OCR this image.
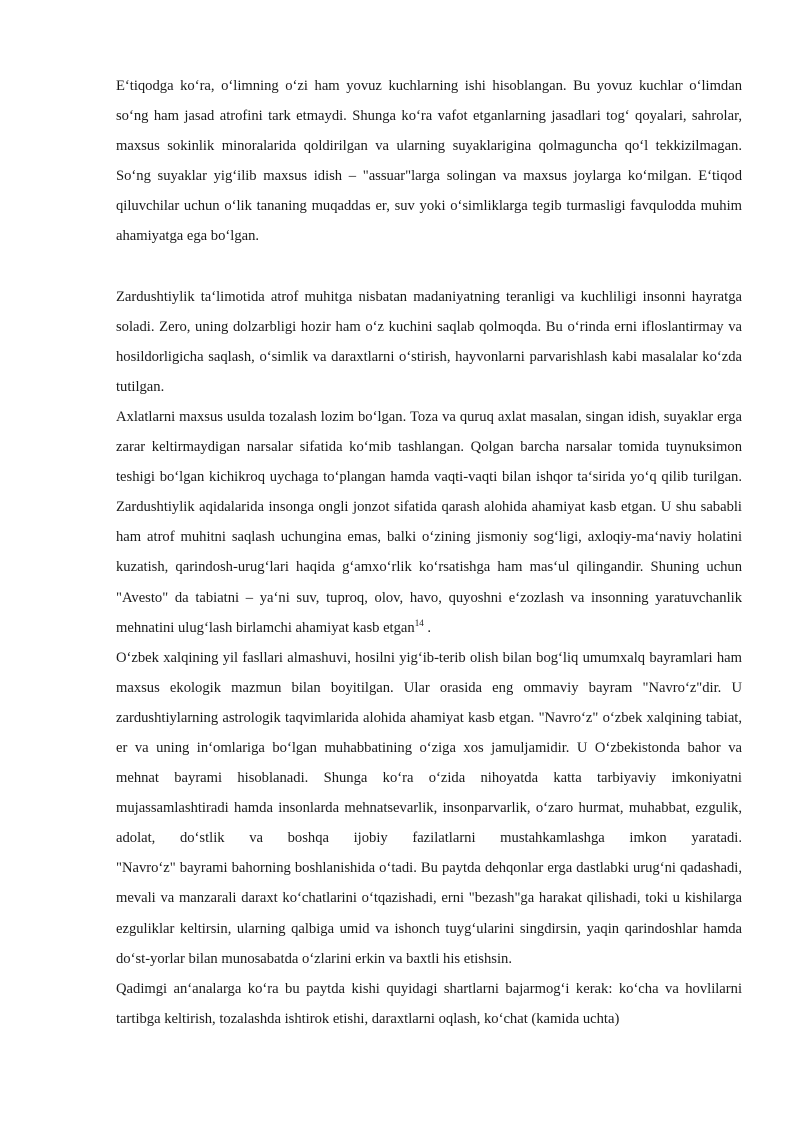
E‘tiqodga ko‘ra, o‘limning o‘zi ham yovuz kuchlarning ishi hisoblangan. Bu yovuz kuchlar o‘limdan so‘ng ham jasad atrofini tark etmaydi. Shunga ko‘ra vafot etganlarning jasadlari tog‘ qoyalari, sahrolar, maxsus sokinlik minoralarida qoldirilgan va ularning suyaklarigina qolmaguncha qo‘l tekkizilmagan. So‘ng suyaklar yig‘ilib maxsus idish – "assuar"larga solingan va maxsus joylarga ko‘milgan. E‘tiqod qiluvchilar uchun o‘lik tananing muqaddas er, suv yoki o‘simliklarga tegib turmasligi favqulodda muhim ahamiyatga ega bo‘lgan.

Zardushtiylik ta‘limotida atrof muhitga nisbatan madaniyatning teranligi va kuchliligi insonni hayratga soladi. Zero, uning dolzarbligi hozir ham o‘z kuchini saqlab qolmoqda. Bu o‘rinda erni ifloslantirmay va hosildorligicha saqlash, o‘simlik va daraxtlarni o‘stirish, hayvonlarni parvarishlash kabi masalalar ko‘zda tutilgan.

Axlatlarni maxsus usulda tozalash lozim bo‘lgan. Toza va quruq axlat masalan, singan idish, suyaklar erga zarar keltirmaydigan narsalar sifatida ko‘mib tashlangan. Qolgan barcha narsalar tomida tuynuksimon teshigi bo‘lgan kichikroq uychaga to‘plangan hamda vaqti-vaqti bilan ishqor ta‘sirida yo‘q qilib turilgan.

Zardushtiylik aqidalarida insonga ongli jonzot sifatida qarash alohida ahamiyat kasb etgan. U shu sababli ham atrof muhitni saqlash uchungina emas, balki o‘zining jismoniy sog‘ligi, axloqiy-ma‘naviy holatini kuzatish, qarindosh-urug‘lari haqida g‘amxo‘rlik ko‘rsatishga ham mas‘ul qilingandir. Shuning uchun "Avesto" da tabiatni – ya‘ni suv, tuproq, olov, havo, quyoshni e‘zozlash va insonning yaratuvchanlik mehnatini ulug‘lash birlamchi ahamiyat kasb etgan$^{14}$ .

O‘zbek xalqining yil fasllari almashuvi, hosilni yig‘ib-terib olish bilan bog‘liq umumxalq bayramlari ham maxsus ekologik mazmun bilan boyitilgan. Ular orasida eng ommaviy bayram "Navro‘z"dir. U zardushtiylarning astrologik taqvimlarida alohida ahamiyat kasb etgan. "Navro‘z" o‘zbek xalqining tabiat, er va uning in‘omlariga bo‘lgan muhabbatining o‘ziga xos jamuljamidir. U O‘zbekistonda bahor va mehnat bayrami hisoblanadi. Shunga ko‘ra o‘zida nihoyatda katta tarbiyaviy imkoniyatni mujassamlashtiradi hamda insonlarda mehnatsevarlik, insonparvarlik, o‘zaro hurmat, muhabbat, ezgulik, adolat, do‘stlik va boshqa ijobiy fazilatlarni mustahkamlashga imkon yaratadi.

"Navro‘z" bayrami bahorning boshlanishida o‘tadi. Bu paytda dehqonlar erga dastlabki urug‘ni qadashadi, mevali va manzarali daraxt ko‘chatlarini o‘tqazishadi, erni "bezash"ga harakat qilishadi, toki u kishilarga ezguliklar keltirsin, ularning qalbiga umid va ishonch tuyg‘ularini singdirsin, yaqin qarindoshlar hamda do‘st-yorlar bilan munosabatda o‘zlarini erkin va baxtli his etishsin.

Qadimgi an‘analarga ko‘ra bu paytda kishi quyidagi shartlarni bajarmog‘i kerak: ko‘cha va hovlilarni tartibga keltirish, tozalashda ishtirok etishi, daraxtlarni oqlash, ko‘chat (kamida uchta)
